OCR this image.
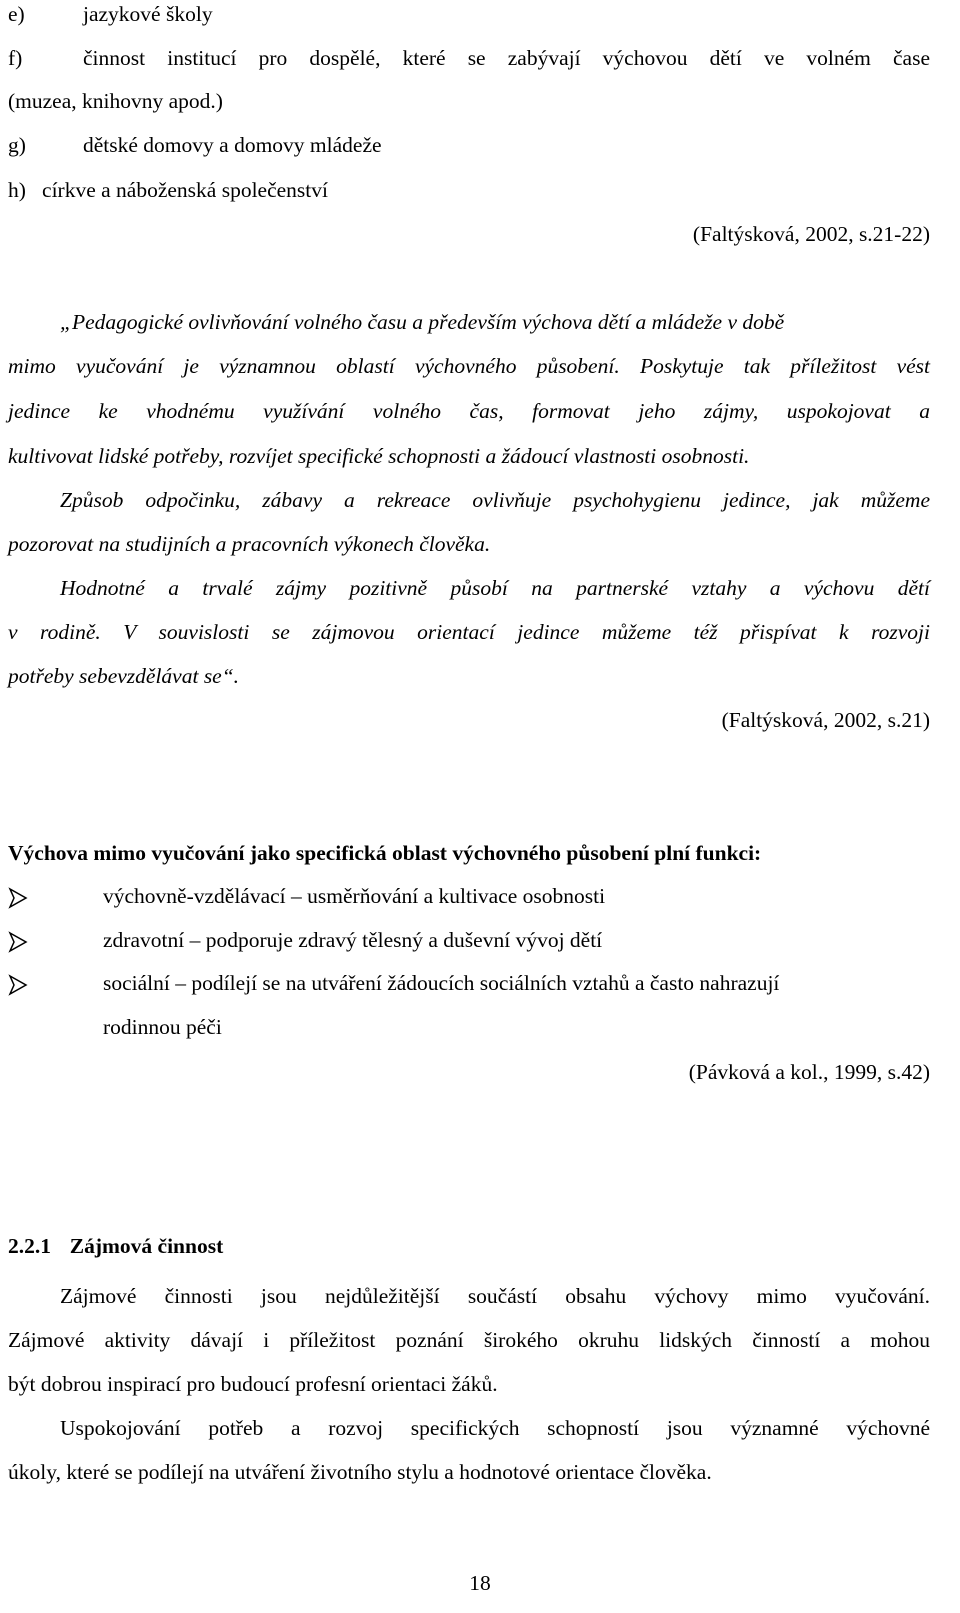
e)	jazykové školy
f)	činnost institucí pro dospělé, které se zabývají výchovou dětí ve volném čase
(muzea, knihovny apod.)
g)	dětské domovy a domovy mládeže
h)   církve a náboženská společenství
(Faltýsková, 2002, s.21-22)
„Pedagogické ovlivňování volného času a především výchova dětí a mládeže v době
mimo vyučování je významnou oblastí výchovného působení. Poskytuje tak příležitost vést
jedince ke vhodnému využívání volného čas, formovat jeho zájmy, uspokojovat a
kultivovat lidské potřeby, rozvíjet specifické schopnosti a žádoucí vlastnosti osobnosti.
Způsob odpočinku, zábavy a rekreace ovlivňuje psychohygienu jedince, jak můžeme
pozorovat na studijních a pracovních výkonech člověka.
Hodnotné a trvalé zájmy pozitivně působí na partnerské vztahy a výchovu dětí
v rodině. V souvislosti se zájmovou orientací jedince můžeme též přispívat k rozvoji
potřeby sebevzdělávat se“.
(Faltýsková, 2002, s.21)
Výchova mimo vyučování jako specifická oblast výchovného působení plní funkci:
výchovně-vzdělávací – usměrňování a kultivace osobnosti
zdravotní – podporuje zdravý tělesný a duševní vývoj dětí
sociální – podílejí se na utváření žádoucích sociálních vztahů a často nahrazují
rodinnou péči
(Pávková a kol., 1999, s.42)
2.2.1 Zájmová činnost
Zájmové činnosti jsou nejdůležitější součástí obsahu výchovy mimo vyučování.
Zájmové aktivity dávají i příležitost poznání širokého okruhu lidských činností a mohou
být dobrou inspirací pro budoucí profesní orientaci žáků.
Uspokojování potřeb a rozvoj specifických schopností jsou významné výchovné
úkoly, které se podílejí na utváření životního stylu a hodnotové orientace člověka.
18
